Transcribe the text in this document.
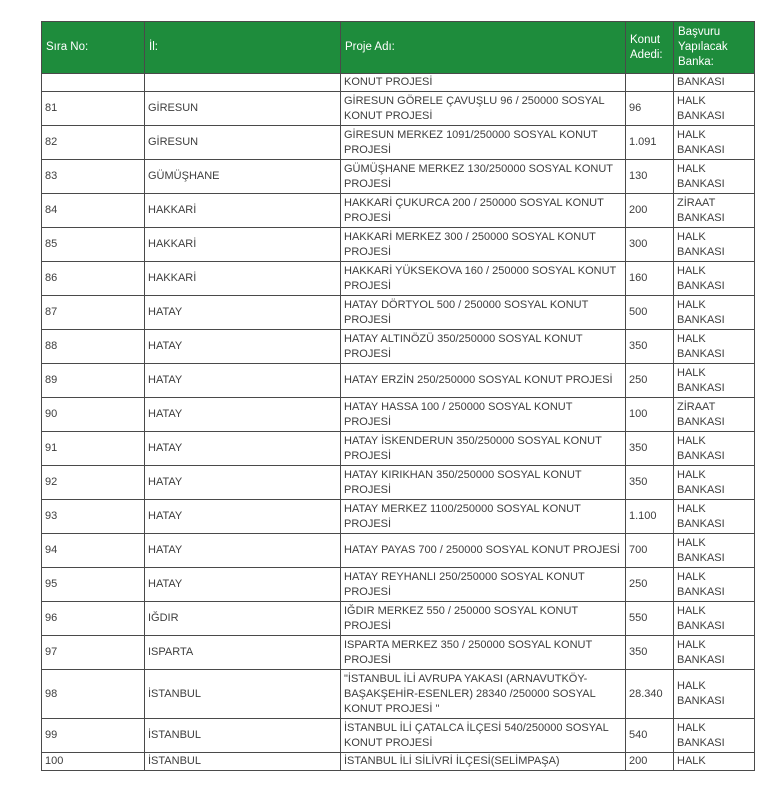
Sıra No:	İl:	Proje Adı:	Konut Adedi:	Başvuru Yapılacak Banka:
		KONUT PROJESİ		BANKASI
81	GİRESUN	GİRESUN GÖRELE ÇAVUŞLU 96 / 250000 SOSYAL KONUT PROJESİ	96	HALK BANKASI
82	GİRESUN	GİRESUN MERKEZ 1091/250000 SOSYAL KONUT PROJESİ	1.091	HALK BANKASI
83	GÜMÜŞHANE	GÜMÜŞHANE MERKEZ 130/250000 SOSYAL KONUT PROJESİ	130	HALK BANKASI
84	HAKKARİ	HAKKARİ ÇUKURCA 200 / 250000 SOSYAL KONUT PROJESİ	200	ZİRAAT BANKASI
85	HAKKARİ	HAKKARİ MERKEZ 300 / 250000 SOSYAL KONUT PROJESİ	300	HALK BANKASI
86	HAKKARİ	HAKKARİ YÜKSEKOVA 160 / 250000 SOSYAL KONUT PROJESİ	160	HALK BANKASI
87	HATAY	HATAY DÖRTYOL 500 / 250000 SOSYAL KONUT PROJESİ	500	HALK BANKASI
88	HATAY	HATAY ALTINÖZÜ 350/250000 SOSYAL KONUT PROJESİ	350	HALK BANKASI
89	HATAY	HATAY ERZİN 250/250000 SOSYAL KONUT PROJESİ	250	HALK BANKASI
90	HATAY	HATAY HASSA 100 / 250000 SOSYAL KONUT PROJESİ	100	ZİRAAT BANKASI
91	HATAY	HATAY İSKENDERUN 350/250000 SOSYAL KONUT PROJESİ	350	HALK BANKASI
92	HATAY	HATAY KIRIKHAN 350/250000 SOSYAL KONUT PROJESİ	350	HALK BANKASI
93	HATAY	HATAY MERKEZ 1100/250000 SOSYAL KONUT PROJESİ	1.100	HALK BANKASI
94	HATAY	HATAY PAYAS 700 / 250000 SOSYAL KONUT PROJESİ	700	HALK BANKASI
95	HATAY	HATAY REYHANLI 250/250000 SOSYAL KONUT PROJESİ	250	HALK BANKASI
96	IĞDIR	IĞDIR MERKEZ 550 / 250000 SOSYAL KONUT PROJESİ	550	HALK BANKASI
97	ISPARTA	ISPARTA MERKEZ 350 / 250000 SOSYAL KONUT PROJESİ	350	HALK BANKASI
98	İSTANBUL	"İSTANBUL İLİ AVRUPA YAKASI (ARNAVUTKÖY-BAŞAKŞEHİR-ESENLER) 28340 /250000 SOSYAL KONUT PROJESİ "	28.340	HALK BANKASI
99	İSTANBUL	İSTANBUL İLİ ÇATALCA İLÇESİ 540/250000 SOSYAL KONUT PROJESİ	540	HALK BANKASI
100	İSTANBUL	İSTANBUL İLİ SİLİVRİ İLÇESİ(SELİMPAŞA)	200	HALK
